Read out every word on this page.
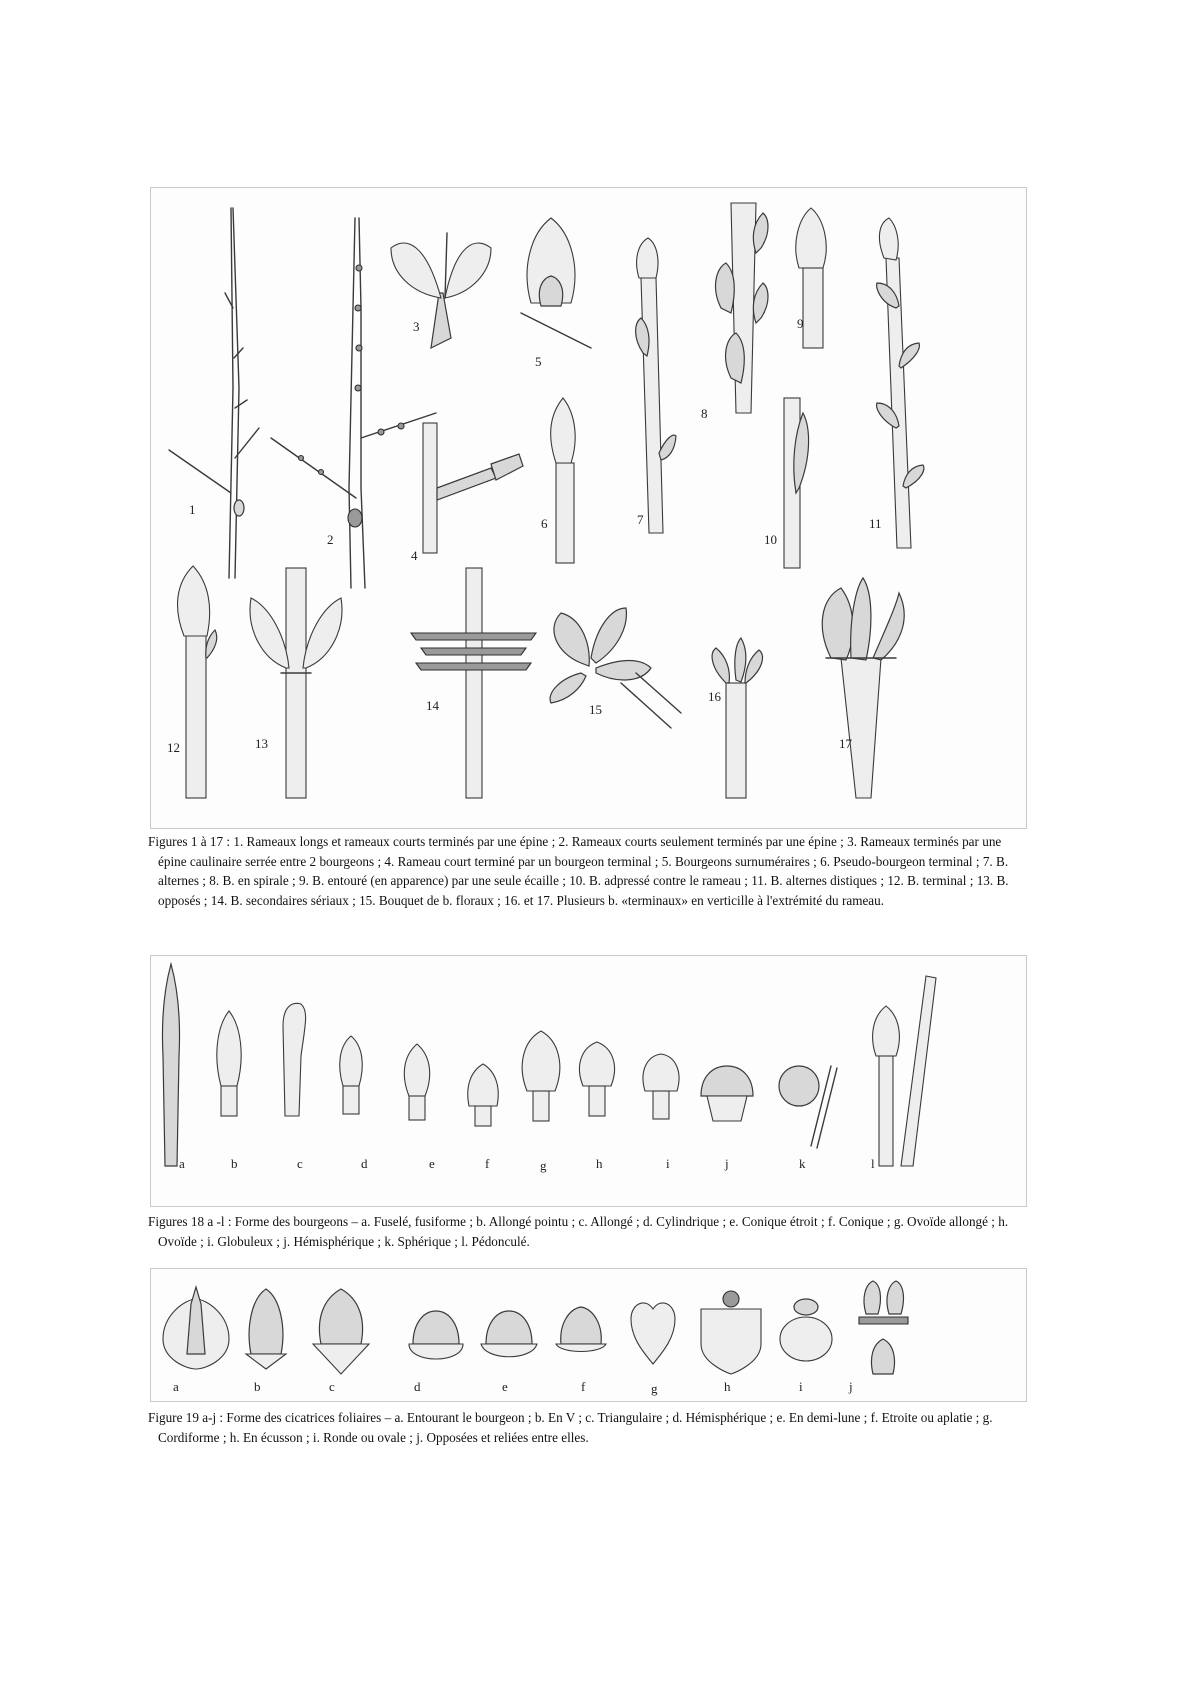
1
2
3
4
5
6	7
8
9
10
11
12	13
14	15
16
17

Figures 1 à 17 : 1. Rameaux longs et rameaux courts terminés par une épine ; 2. Rameaux courts seulement terminés par une épine ; 3. Rameaux terminés par une épine caulinaire serrée entre 2 bourgeons ; 4. Rameau court terminé par un bourgeon terminal ; 5. Bourgeons surnuméraires ; 6. Pseudo-bourgeon terminal ; 7. B. alternes ; 8. B. en spirale ; 9. B. entouré (en apparence) par une seule écaille ; 10. B. adpressé contre le rameau ; 11. B. alternes distiques ; 12. B. terminal ; 13. B. opposés ; 14. B. secondaires sériaux ; 15. Bouquet de b. floraux ; 16. et 17. Plusieurs b. «terminaux» en verticille à l'extrémité du rameau.

a	b	c	d	e	f	g	h	i	j	k	l

Figures 18 a -l : Forme des bourgeons – a. Fuselé, fusiforme ; b. Allongé pointu ; c. Allongé ; d. Cylindrique ; e. Conique étroit ; f. Conique ; g. Ovoïde allongé ; h. Ovoïde ; i. Globuleux ; j. Hémisphérique ; k. Sphérique ; l. Pédonculé.

a	b	c	d	e	f	g	h	i	j

Figure 19 a-j : Forme des cicatrices foliaires – a. Entourant le bourgeon ; b. En V ; c. Triangulaire ; d. Hémisphérique ; e. En demi-lune ; f. Etroite ou aplatie ; g. Cordiforme ; h. En écusson ; i. Ronde ou ovale ; j. Opposées et reliées entre elles.
